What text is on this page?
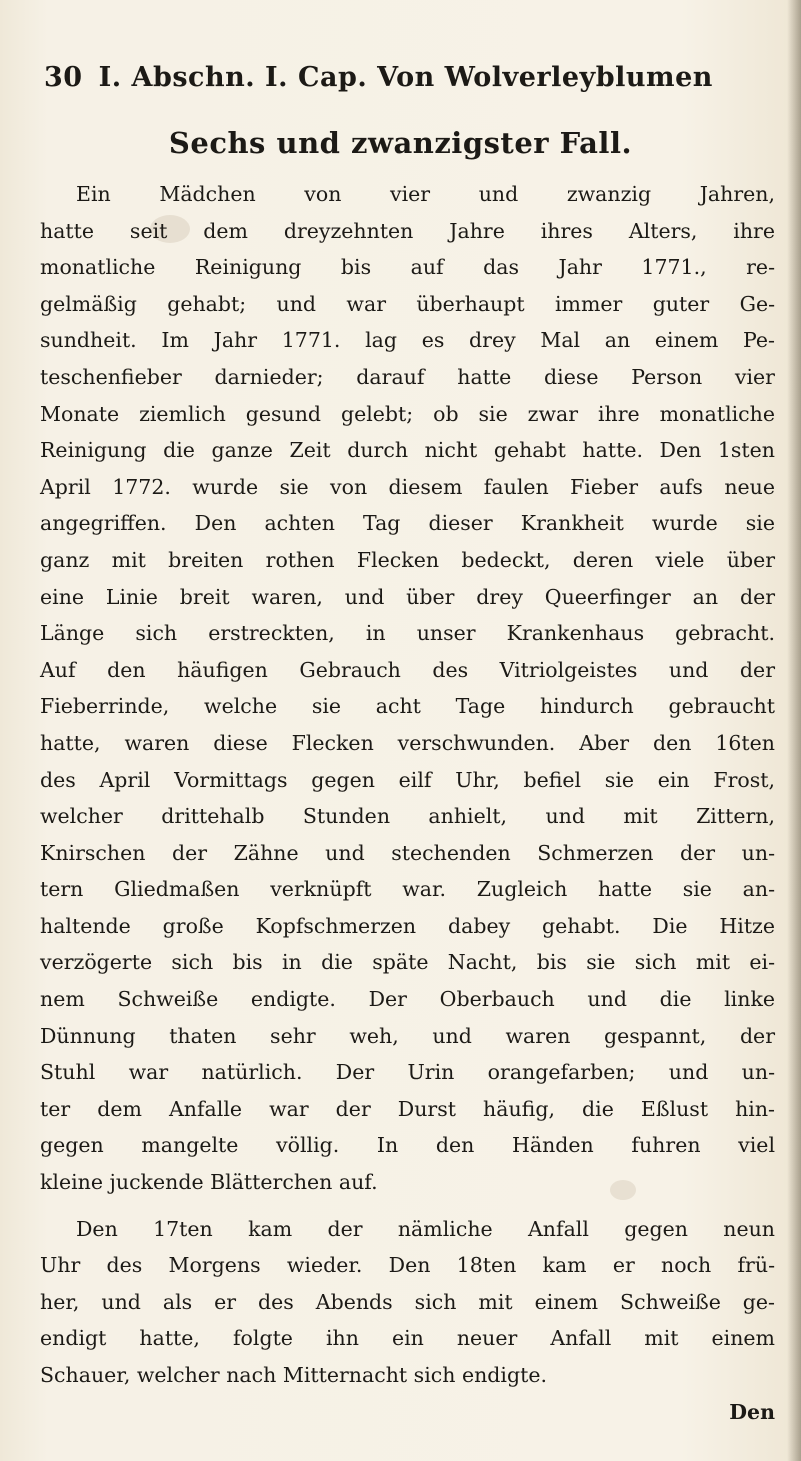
30 I. Abschn. I. Cap. Von Wolverleyblumen
Sechs und zwanzigster Fall.
Ein Mädchen von vier und zwanzig Jahren,
hatte seit dem dreyzehnten Jahre ihres Alters, ihre
monatliche Reinigung bis auf das Jahr 1771., re-
gelmäßig gehabt; und war überhaupt immer guter Ge-
sundheit. Im Jahr 1771. lag es drey Mal an einem Pe-
teschenfieber darnieder; darauf hatte diese Person vier
Monate ziemlich gesund gelebt; ob sie zwar ihre monatliche
Reinigung die ganze Zeit durch nicht gehabt hatte. Den 1sten
April 1772. wurde sie von diesem faulen Fieber aufs neue
angegriffen. Den achten Tag dieser Krankheit wurde sie
ganz mit breiten rothen Flecken bedeckt, deren viele über
eine Linie breit waren, und über drey Queerfinger an der
Länge sich erstreckten, in unser Krankenhaus gebracht.
Auf den häufigen Gebrauch des Vitriolgeistes und der
Fieberrinde, welche sie acht Tage hindurch gebraucht
hatte, waren diese Flecken verschwunden. Aber den 16ten
des April Vormittags gegen eilf Uhr, befiel sie ein Frost,
welcher drittehalb Stunden anhielt, und mit Zittern,
Knirschen der Zähne und stechenden Schmerzen der un-
tern Gliedmaßen verknüpft war. Zugleich hatte sie an-
haltende große Kopfschmerzen dabey gehabt. Die Hitze
verzögerte sich bis in die späte Nacht, bis sie sich mit ei-
nem Schweiße endigte. Der Oberbauch und die linke
Dünnung thaten sehr weh, und waren gespannt, der
Stuhl war natürlich. Der Urin orangefarben; und un-
ter dem Anfalle war der Durst häufig, die Eßlust hin-
gegen mangelte völlig. In den Händen fuhren viel
kleine juckende Blätterchen auf.
Den 17ten kam der nämliche Anfall gegen neun
Uhr des Morgens wieder. Den 18ten kam er noch frü-
her, und als er des Abends sich mit einem Schweiße ge-
endigt hatte, folgte ihn ein neuer Anfall mit einem
Schauer, welcher nach Mitternacht sich endigte.
Den
